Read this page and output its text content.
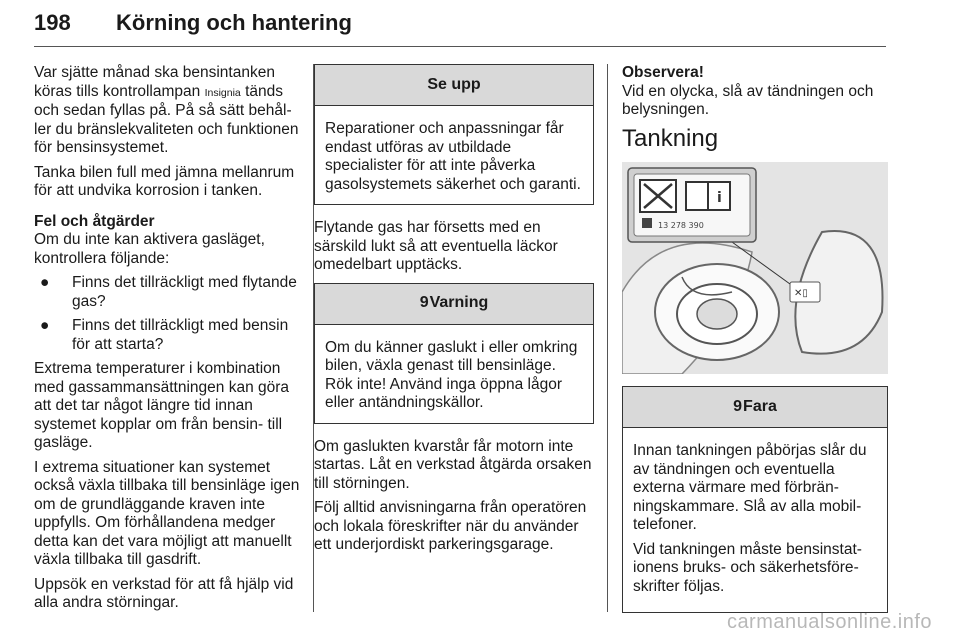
198 Körning och hantering

Var sjätte månad ska bensintanken köras tills kontrollampan Insignia tänds och sedan fyllas på. På så sätt behåller du bränslekvaliteten och funktionen för bensinsystemet.

Tanka bilen full med jämna mellanrum för att undvika korrosion i tanken.

Fel och åtgärder

Om du inte kan aktivera gasläget, kontrollera följande:

●	Finns det tillräckligt med flytande gas?
●	Finns det tillräckligt med bensin för att starta?

Extrema temperaturer i kombination med gassammansättningen kan göra att det tar något längre tid innan systemet kopplar om från bensin- till gasläge.

I extrema situationer kan systemet också växla tillbaka till bensinläge igen om de grundläggande kraven inte uppfylls. Om förhållandena medger detta kan det vara möjligt att manuellt växla tillbaka till gasdrift.

Uppsök en verkstad för att få hjälp vid alla andra störningar.

Se upp
Reparationer och anpassningar får endast utföras av utbildade specialister för att inte påverka gasolsystemets säkerhet och garanti.

Flytande gas har försetts med en särskild lukt så att eventuella läckor omedelbart upptäcks.

9 Varning
Om du känner gaslukt i eller omkring bilen, växla genast till bensinläge. Rök inte! Använd inga öppna lågor eller antändningskällor.

Om gaslukten kvarstår får motorn inte startas. Låt en verkstad åtgärda orsaken till störningen.

Följ alltid anvisningarna från operatören och lokala föreskrifter när du använder ett underjordiskt parkeringsgarage.

Observera!

Vid en olycka, slå av tändningen och belysningen.

Tankning
✕▯
i
13 278 390
9 Fara

Innan tankningen påbörjas slår du av tändningen och eventuella externa värmare med förbränningskammare. Slå av alla mobiltelefoner.

Vid tankningen måste bensinstationens bruks- och säkerhetsföreskrifter följas.

carmanualsonline.info
